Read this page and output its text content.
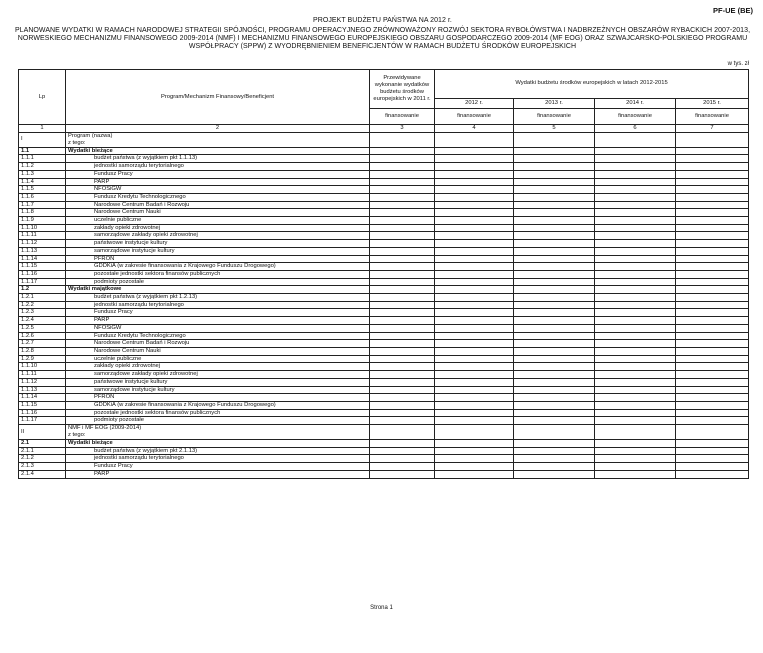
PF-UE (BE)
PROJEKT BUDŻETU PAŃSTWA NA 2012 r.
PLANOWANE WYDATKI W RAMACH NARODOWEJ STRATEGII SPÓJNOŚCI, PROGRAMU OPERACYJNEGO ZRÓWNOWAŻONY ROZWÓJ SEKTORA RYBOŁÓWSTWA I NADBRZEŻNYCH OBSZARÓW RYBACKICH 2007-2013, NORWESKIEGO MECHANIZMU FINANSOWEGO 2009-2014 (NMF) I MECHANIZMU FINANSOWEGO EUROPEJSKIEGO OBSZARU GOSPODARCZEGO 2009-2014 (MF EOG) ORAZ SZWAJCARSKO-POLSKIEGO PROGRAMU WSPÓŁPRACY (SPPW) Z WYODRĘBNIENIEM BENEFICJENTÓW W RAMACH BUDŻETU ŚRODKÓW EUROPEJSKICH
w tys. zł
Lp	Program/Mechanizm Finansowy/Beneficjent	Przewidywane wykonanie wydatków budżetu środków europejskich w 2011 r.	Wydatki budżetu środków europejskich w latach 2012-2015			
			2012 r.	2013 r.	2014 r.	2015 r.
		finansowanie	finansowanie	finansowanie	finansowanie	finansowanie
1	2	3	4	5	6	7
I	Program (nazwa)
z tego:					
1.1	Wydatki bieżące					
1.1.1	budżet państwa (z wyjątkiem pkt 1.1.13)					
1.1.2	jednostki samorządu terytorialnego					
1.1.3	Fundusz Pracy					
1.1.4	PARP					
1.1.5	NFOŚiGW					
1.1.6	Fundusz Kredytu Technologicznego					
1.1.7	Narodowe Centrum Badań i Rozwoju					
1.1.8	Narodowe Centrum Nauki					
1.1.9	uczelnie publiczne					
1.1.10	zakłady opieki zdrowotnej					
1.1.11	samorządowe zakłady opieki zdrowotnej					
1.1.12	państwowe instytucje kultury					
1.1.13	samorządowe instytucje kultury					
1.1.14	PFRON					
1.1.15	GDDKiA (w zakresie finansowania z Krajowego Funduszu Drogowego)					
1.1.16	pozostałe jednostki sektora finansów publicznych					
1.1.17	podmioty pozostałe					
1.2	Wydatki majątkowe					
1.2.1	budżet państwa (z wyjątkiem pkt 1.2.13)					
1.2.2	jednostki samorządu terytorialnego					
1.2.3	Fundusz Pracy					
1.2.4	PARP					
1.2.5	NFOŚiGW					
1.2.6	Fundusz Kredytu Technologicznego					
1.2.7	Narodowe Centrum Badań i Rozwoju					
1.2.8	Narodowe Centrum Nauki					
1.2.9	uczelnie publiczne					
1.1.10	zakłady opieki zdrowotnej					
1.1.11	samorządowe zakłady opieki zdrowotnej					
1.1.12	państwowe instytucje kultury					
1.1.13	samorządowe instytucje kultury					
1.1.14	PFRON					
1.1.15	GDDKiA (w zakresie finansowania z Krajowego Funduszu Drogowego)					
1.1.16	pozostałe jednostki sektora finansów publicznych					
1.1.17	podmioty pozostałe					
II	NMF i MF EOG (2009-2014)
z tego:					
2.1	Wydatki bieżące					
2.1.1	budżet państwa (z wyjątkiem pkt 2.1.13)					
2.1.2	jednostki samorządu terytorialnego					
2.1.3	Fundusz Pracy					
2.1.4	PARP					
Strona 1
